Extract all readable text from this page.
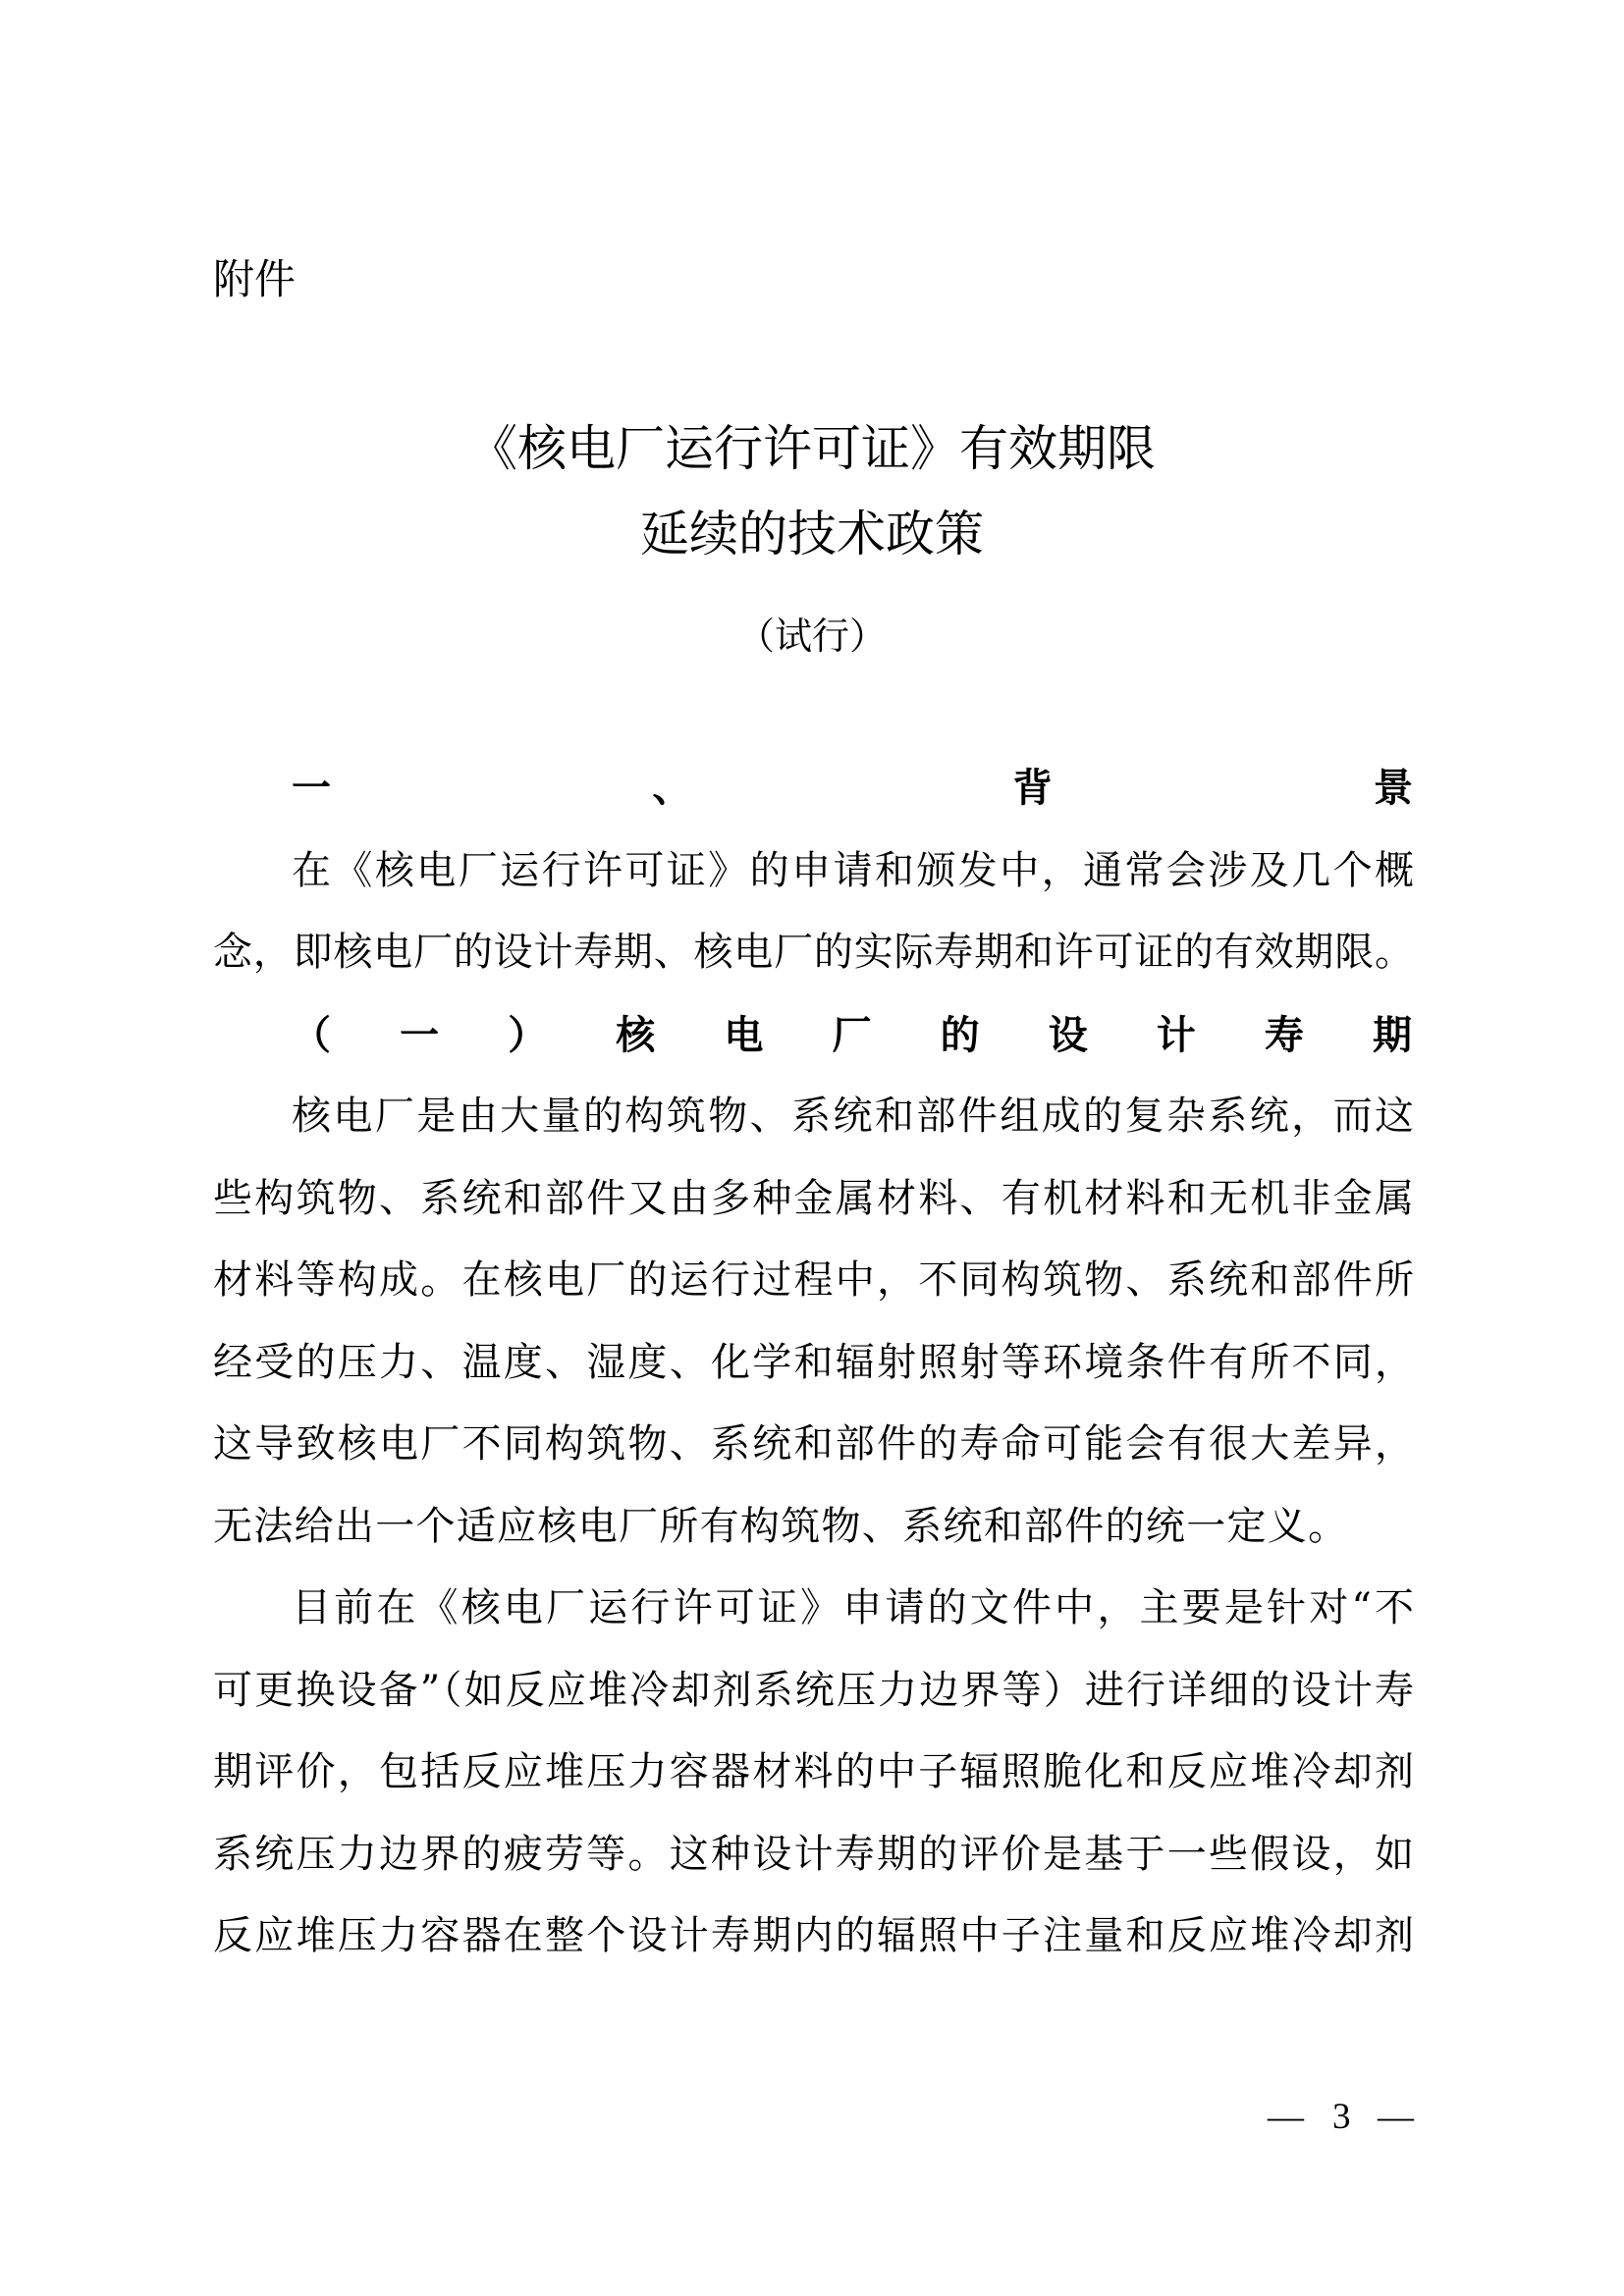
附件
《核电厂运行许可证》有效期限
延续的技术政策
（试行）
一、背景
在《核电厂运行许可证》的申请和颁发中，通常会涉及几个概
念，即核电厂的设计寿期、核电厂的实际寿期和许可证的有效期限。
（一）核电厂的设计寿期
核电厂是由大量的构筑物、系统和部件组成的复杂系统，而这
些构筑物、系统和部件又由多种金属材料、有机材料和无机非金属
材料等构成。在核电厂的运行过程中，不同构筑物、系统和部件所
经受的压力、温度、湿度、化学和辐射照射等环境条件有所不同，
这导致核电厂不同构筑物、系统和部件的寿命可能会有很大差异，
无法给出一个适应核电厂所有构筑物、系统和部件的统一定义。
目前在《核电厂运行许可证》申请的文件中，主要是针对“不
可更换设备”（如反应堆冷却剂系统压力边界等）进行详细的设计寿
期评价，包括反应堆压力容器材料的中子辐照脆化和反应堆冷却剂
系统压力边界的疲劳等。这种设计寿期的评价是基于一些假设，如
反应堆压力容器在整个设计寿期内的辐照中子注量和反应堆冷却剂
— 3 —
